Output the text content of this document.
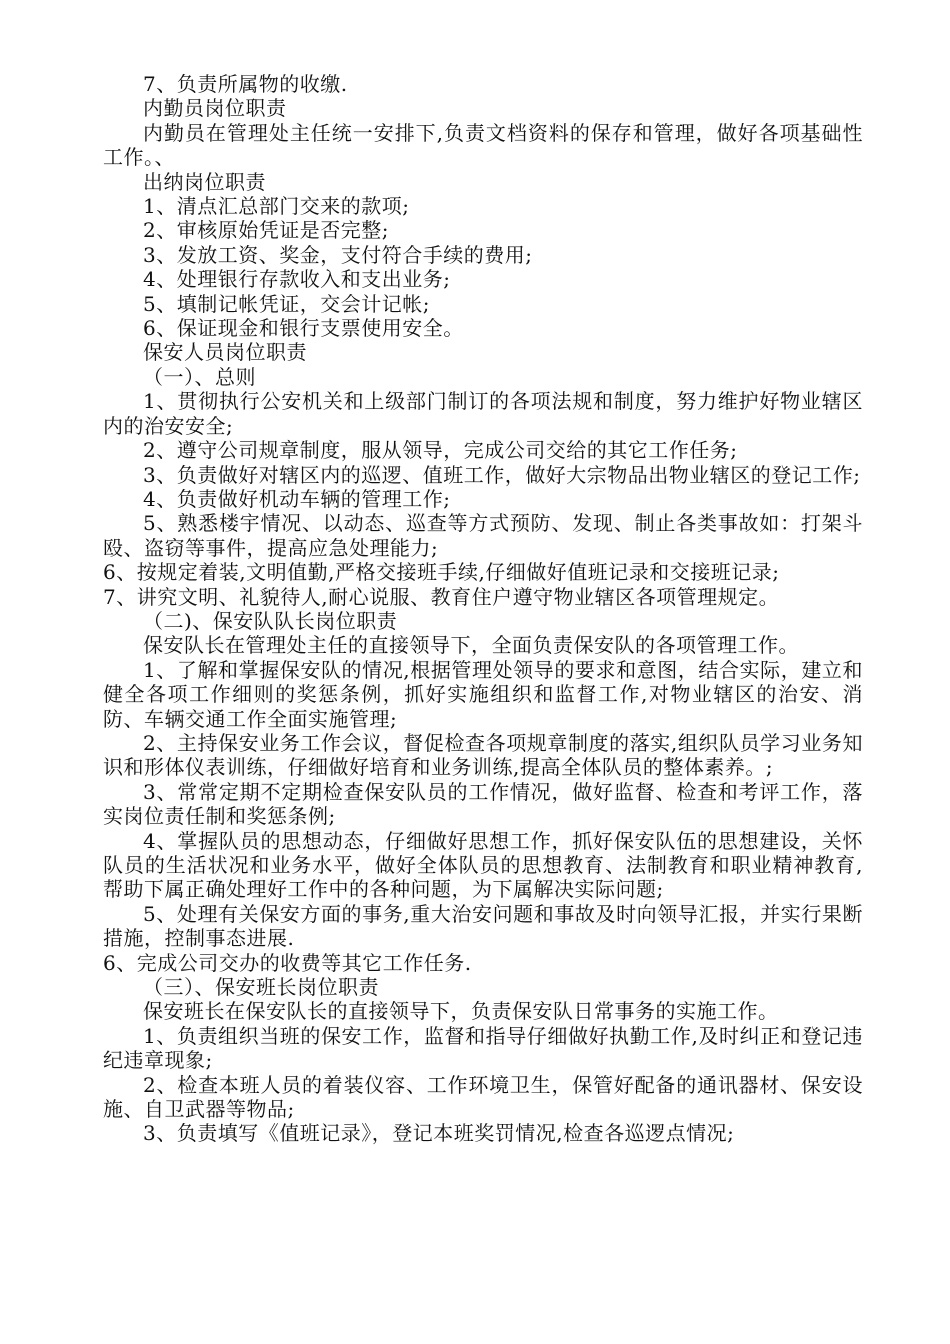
7、负责所属物的收缴.

内勤员岗位职责

内勤员在管理处主任统一安排下,负责文档资料的保存和管理，做好各项基础性工作。、

出纳岗位职责

1、清点汇总部门交来的款项;

2、审核原始凭证是否完整;

3、发放工资、奖金，支付符合手续的费用;

4、处理银行存款收入和支出业务;

5、填制记帐凭证，交会计记帐;

6、保证现金和银行支票使用安全。

保安人员岗位职责

（一）、总则

1、贯彻执行公安机关和上级部门制订的各项法规和制度，努力维护好物业辖区内的治安安全;

2、遵守公司规章制度，服从领导，完成公司交给的其它工作任务;

3、负责做好对辖区内的巡逻、值班工作，做好大宗物品出物业辖区的登记工作;

4、负责做好机动车辆的管理工作;

5、熟悉楼宇情况、以动态、巡查等方式预防、发现、制止各类事故如：打架斗殴、盗窃等事件，提高应急处理能力;

6、按规定着装,文明值勤,严格交接班手续,仔细做好值班记录和交接班记录;

7、讲究文明、礼貌待人,耐心说服、教育住户遵守物业辖区各项管理规定。

（二)、保安队队长岗位职责

保安队长在管理处主任的直接领导下，全面负责保安队的各项管理工作。

1、了解和掌握保安队的情况,根据管理处领导的要求和意图，结合实际，建立和健全各项工作细则的奖惩条例，抓好实施组织和监督工作,对物业辖区的治安、消防、车辆交通工作全面实施管理;

2、主持保安业务工作会议，督促检查各项规章制度的落实,组织队员学习业务知识和形体仪表训练，仔细做好培育和业务训练,提高全体队员的整体素养。;

3、常常定期不定期检查保安队员的工作情况，做好监督、检查和考评工作，落实岗位责任制和奖惩条例;

4、掌握队员的思想动态，仔细做好思想工作，抓好保安队伍的思想建设，关怀队员的生活状况和业务水平，做好全体队员的思想教育、法制教育和职业精神教育,帮助下属正确处理好工作中的各种问题，为下属解决实际问题;

5、处理有关保安方面的事务,重大治安问题和事故及时向领导汇报，并实行果断措施，控制事态进展.

6、完成公司交办的收费等其它工作任务.

（三）、保安班长岗位职责

保安班长在保安队长的直接领导下，负责保安队日常事务的实施工作。

1、负责组织当班的保安工作，监督和指导仔细做好执勤工作,及时纠正和登记违纪违章现象;

2、检查本班人员的着装仪容、工作环境卫生，保管好配备的通讯器材、保安设施、自卫武器等物品;

3、负责填写《值班记录》，登记本班奖罚情况,检查各巡逻点情况;
